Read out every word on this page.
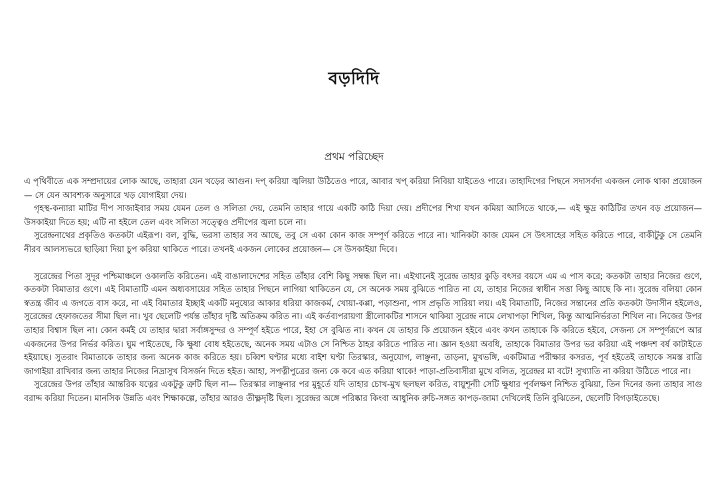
বড়দিদি
প্রথম পরিচ্ছেদ

এ পৃথিবীতে এক সম্প্রদায়ের লোক আছে, তাহারা যেন খড়ের আগুন। দপ্‌ করিয়া জ্বলিয়া উঠিতেও পারে, আবার খপ্‌ করিয়া নিবিয়া যাইতেও পারে। তাহাদিগের পিছনে সদাসর্বদা একজন লোক থাকা প্রয়োজন— সে যেন আবশ্যক অনুসারে খড় যোগাইয়া দেয়।

গৃহস্থ-কন্যারা মাটির দীপ সাজাইবার সময় যেমন তেল ও সলিতা দেয়, তেমনি তাহার গায়ে একটি কাঠি দিয়া দেয়। প্রদীপের শিখা যখন কমিয়া আসিতে থাকে,— এই ক্ষুদ্র কাঠিটির তখন বড় প্রয়োজন—উসকাইয়া দিতে হয়; এটি না হইলে তেল এবং সলিতা সত্ত্বেও প্রদীপের জ্বলা চলে না।

সুরেন্দ্রনাথের প্রকৃতিও কতকটা এইরূপ। বল, বুদ্ধি, ভরসা তাহার সব আছে, তবু সে একা কোন কাজ সম্পূর্ণ করিতে পারে না। খানিকটা কাজ যেমন সে উৎসাহের সহিত করিতে পারে, বাকীটুকু সে তেমনি নীরব আলস্যভরে ছাড়িয়া দিয়া চুপ করিয়া থাকিতে পারে। তখনই একজন লোকের প্রয়োজন— সে উসকাইয়া দিবে।

সুরেন্দ্রের পিতা সুদূর পশ্চিমাঞ্চলে ওকালতি করিতেন। এই বাঙালাদেশের সহিত তাঁহার বেশি কিছু সম্বন্ধ ছিল না। এইখানেই সুরেন্দ্র তাহার কুড়ি বৎসর বয়সে এম এ পাস করে; কতকটা তাহার নিজের গুণে, কতকটা বিমাতার গুণে। এই বিমাতাটি এমন অধ্যবসায়ের সহিত তাহার পিছনে লাগিয়া থাকিতেন যে, সে অনেক সময় বুঝিতে পারিত না যে, তাহার নিজের স্বাধীন সত্তা কিছু আছে কি না। সুরেন্দ্র বলিয়া কোন স্বতন্ত্র জীব এ জগতে বাস করে, না এই বিমাতার ইচ্ছাই একটি মনুষ্যের আকার ধরিয়া কাজকর্ম, খোয়া-কপ্পা, পড়াশুনা, পাস প্রভৃতি সারিয়া লয়। এই বিমাতাটি, নিজের সন্তানের প্রতি কতকটা উদাসীন হইলেও, সুরেন্দ্রের হেফাজতের সীমা ছিল না। খুব ছেলেটি পর্যন্ত তাঁহার দৃষ্টি অতিক্রম করিত না। এই কর্তব্যপরায়ণা স্ত্রীলোকটির শাসনে থাকিয়া সুরেন্দ্র নামে লেখাপড়া শিখিল, কিন্তু আত্মনির্ভরতা শিখিল না। নিজের উপর তাহার বিশ্বাস ছিল না। কোন কর্মই যে তাহার দ্বারা সর্বাঙ্গসুন্দর ও সম্পূর্ণ হইতে পারে, ইহা সে বুঝিত না। কখন যে তাহার কি প্রয়োজন হইবে এবং কখন তাহাকে কি করিতে হইবে, সেজন্য সে সম্পূর্ণরূপে আর একজনের উপর নির্ভর করিত। ঘুম পাইতেছে, কি ক্ষুধা বোধ হইতেছে, অনেক সময় এটাও সে নিশ্চিত ঠাহর করিতে পারিত না। জ্ঞান হওয়া অবধি, তাহাকে বিমাতার উপর ভর করিয়া এই পঞ্চদশ বর্ষ কাটাইতে হইয়াছে। সুতরাং বিমাতাকে তাহার জন্য অনেক কাজ করিতে হয়। চব্বিশ ঘণ্টার মধ্যে বাইশ ঘণ্টা তিরস্কার, অনুযোগ, লাঞ্ছনা, তাড়না, মুখভঙ্গি, একটিমাত্র পরীক্ষার কসরত, পূর্ব হইতেই তাহাকে সমস্ত রাত্রি জাগাইয়া রাখিবার জন্য তাহার নিজের নিদ্রাসুখ বিসর্জন দিতে হইত। আহা, সপত্নীপুত্রের জন্য কে কবে এত করিয়া থাকে! পাড়া-প্রতিবাসীরা মুখে বলিত, সুরেন্দ্রর মা বটে! সুখ্যাতি না করিয়া উঠিতে পারে না।

সুরেন্দ্রের উপর তাঁহার আন্তরিক যত্নের একটুকু ত্রুটি ছিল না— তিরস্কার লাঞ্ছনার পর মুহূর্তে যদি তাহার চোখ-মুখ ছলছল করিত, বায়ুশূন্যী সেটি ক্ষুধার পূর্বলক্ষণ নিশ্চিত বুঝিয়া, তিন দিনের জন্য তাহার সাগু বরাদ্দ করিয়া দিতেন। মানসিক উন্নতি এবং শিক্ষাকল্পে, তাঁহার আরও তীক্ষ্ণদৃষ্টি ছিল। সুরেন্দ্রর অঙ্গে পরিষ্কার কিংবা আধুনিক রুচি-সঙ্গত কাপড়-জামা দেখিলেই তিনি বুঝিতেন, ছেলেটি বিগড়াইতেছে।
